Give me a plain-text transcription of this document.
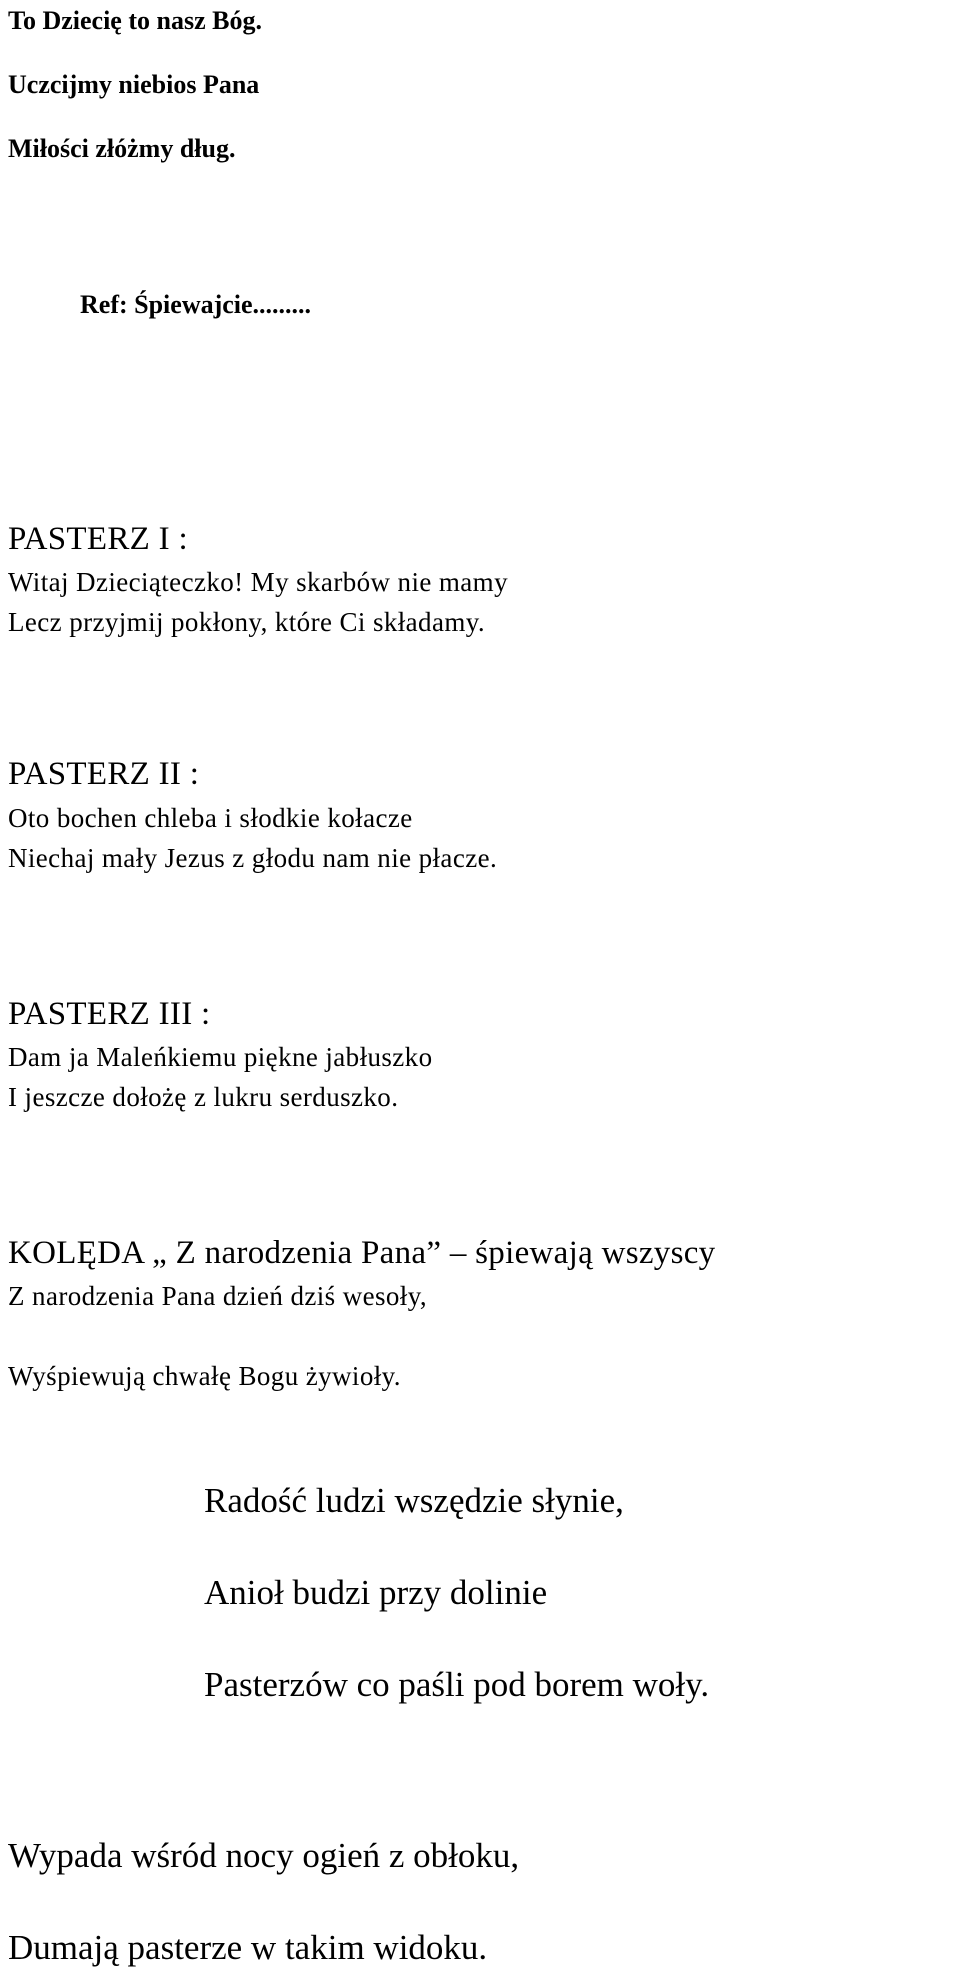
To Dziecię to nasz Bóg.

Uczcijmy niebios Pana

Miłości złóżmy dług.

Ref: Śpiewajcie.........

PASTERZ I :

Witaj Dzieciąteczko! My skarbów nie mamy

Lecz przyjmij pokłony, które Ci składamy.

PASTERZ II :

Oto bochen chleba i słodkie kołacze

Niechaj mały Jezus z głodu nam nie płacze.

PASTERZ III :

Dam ja Maleńkiemu piękne jabłuszko

I jeszcze dołożę z lukru serduszko.

KOLĘDA „ Z narodzenia Pana” – śpiewają wszyscy

Z narodzenia Pana dzień dziś wesoły,

Wyśpiewują chwałę Bogu żywioły.

Radość ludzi wszędzie słynie,

Anioł budzi przy dolinie

Pasterzów co paśli pod borem woły.

Wypada wśród nocy ogień z obłoku,

Dumają pasterze w takim widoku.
